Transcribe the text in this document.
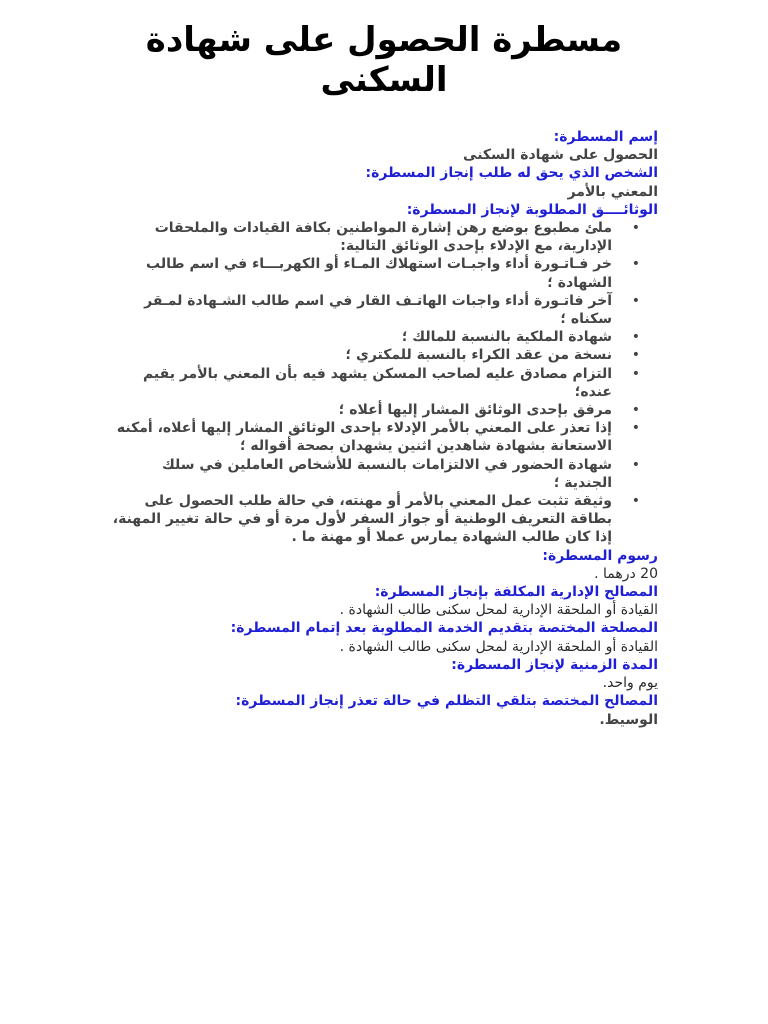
مسطرة الحصول على شهادة السكنى
إسم المسطرة:
الحصول على شهادة السكنى
الشخص الذي يحق له طلب إنجاز المسطرة:
المعني بالأمر
الوثائــــق المطلوبة لإنجاز المسطرة:
• ملئ مطبوع بوضع رهن إشارة المواطنين بكافة القيادات والملحقات الإدارية، مع الإدلاء بإحدى الوثائق التالية:
• خر فـاتـورة أداء واجبـات استهلاك المـاء أو الكهربـــاء في اسم طالب الشهادة ؛
• آخر فاتـورة أداء واجبات الهاتـف القار في اسم طالب الشـهادة لمـقر سكناه ؛
• شهادة الملكية بالنسبة للمالك ؛
• نسخة من عقد الكراء بالنسبة للمكتري ؛
• التزام مصادق عليه لصاحب المسكن يشهد فيه بأن المعني بالأمر يقيم عنده؛
• مرفق بإحدى الوثائق المشار إليها أعلاه ؛
• إذا تعذر على المعني بالأمر الإدلاء بإحدى الوثائق المشار إليها أعلاه، أمكنه الاستعانة بشهادة شاهدين اثنين يشهدان بصحة أقواله ؛
• شهادة الحضور في الالتزامات بالنسبة للأشخاص العاملين في سلك الجندية ؛
• وثيقة تثبت عمل المعني بالأمر أو مهنته، في حالة طلب الحصول على بطاقة التعريف الوطنية أو جواز السفر لأول مرة أو في حالة تغيير المهنة، إذا كان طالب الشهادة يمارس عملا أو مهنة ما .
رسوم المسطرة:
20 درهما .
المصالح الإدارية المكلفة بإنجاز المسطرة:
القيادة أو الملحقة الإدارية لمحل سكنى طالب الشهادة .
المصلحة المختصة بتقديم الخدمة المطلوبة بعد إتمام المسطرة:
القيادة أو الملحقة الإدارية لمحل سكنى طالب الشهادة .
المدة الزمنية لإنجاز المسطرة:
يوم واحد.
المصالح المختصة بتلقي التظلم في حالة تعذر إنجاز المسطرة:
الوسيط.
